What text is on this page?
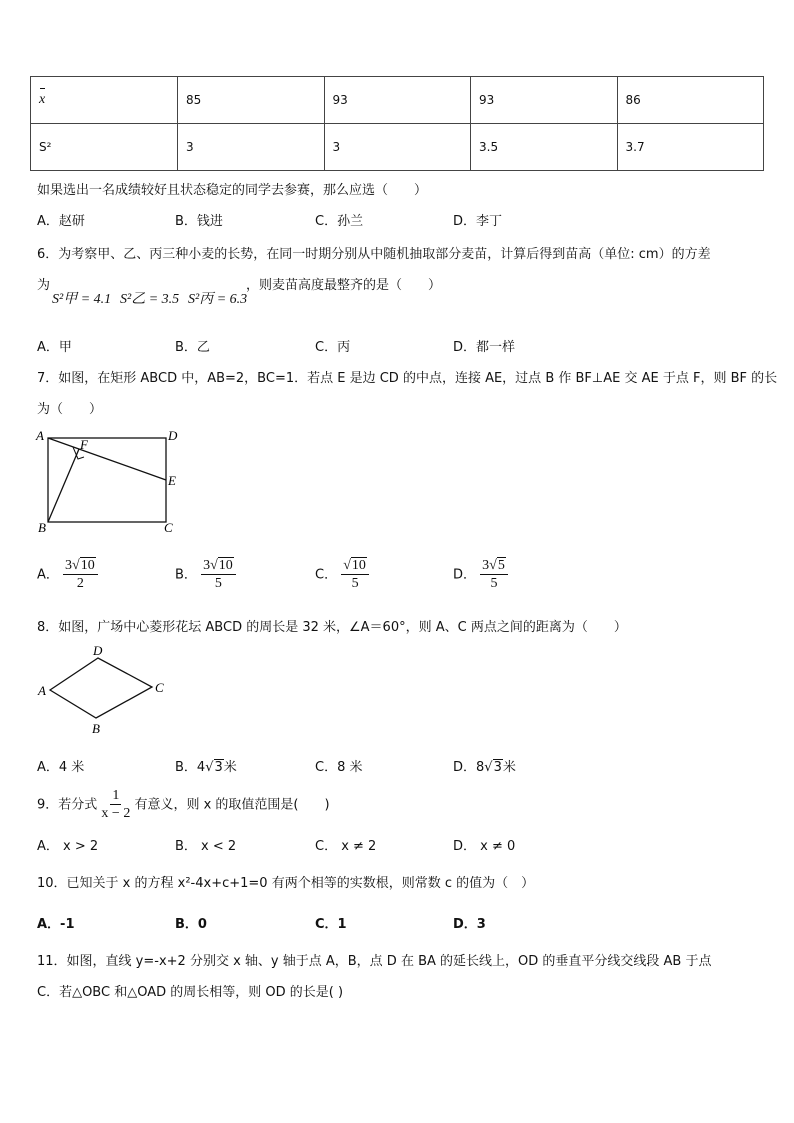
x	85	93	93	86
S²	3	3	3.5	3.7
如果选出一名成绩较好且状态稳定的同学去参赛，那么应选（　　）
A．赵研	B．钱进	C．孙兰	D．李丁
6．为考察甲、乙、丙三种小麦的长势，在同一时期分别从中随机抽取部分麦苗，计算后得到苗高（单位: cm）的方差
为
S²甲 = 4.1 S²乙 = 3.5 S²丙 = 6.3
，则麦苗高度最整齐的是（　　）
A．甲	B．乙	C．丙	D．都一样
7．如图，在矩形 ABCD 中，AB=2，BC=1．若点 E 是边 CD 的中点，连接 AE，过点 B 作 BF⊥AE 交 AE 于点 F，则 BF 的长
为（　　）
A	D
E
F
B	C
A． $\frac{3√10}{2}$	B． $\frac{3√10}{5}$	C． $\frac{√10}{5}$	D． $\frac{3√5}{5}$
8．如图，广场中心菱形花坛 ABCD 的周长是 32 米，∠A＝60°，则 A、C 两点之间的距离为（　　）
A
D
C
B
A．4 米	B．4√3米	C．8 米	D．8√3米
9．若分式 $\frac{1}{x - 2}$ 有意义，则 x 的取值范围是(　　)
A． x > 2	B． x < 2	C． x ≠ 2	D． x ≠ 0
10．已知关于 x 的方程 x²-4x+c+1=0 有两个相等的实数根，则常数 c 的值为（　）
A．-1	B．0	C．1	D．3
11．如图，直线 y=-x+2 分别交 x 轴、y 轴于点 A，B，点 D 在 BA 的延长线上，OD 的垂直平分线交线段 AB 于点
C．若△OBC 和△OAD 的周长相等，则 OD 的长是( )
